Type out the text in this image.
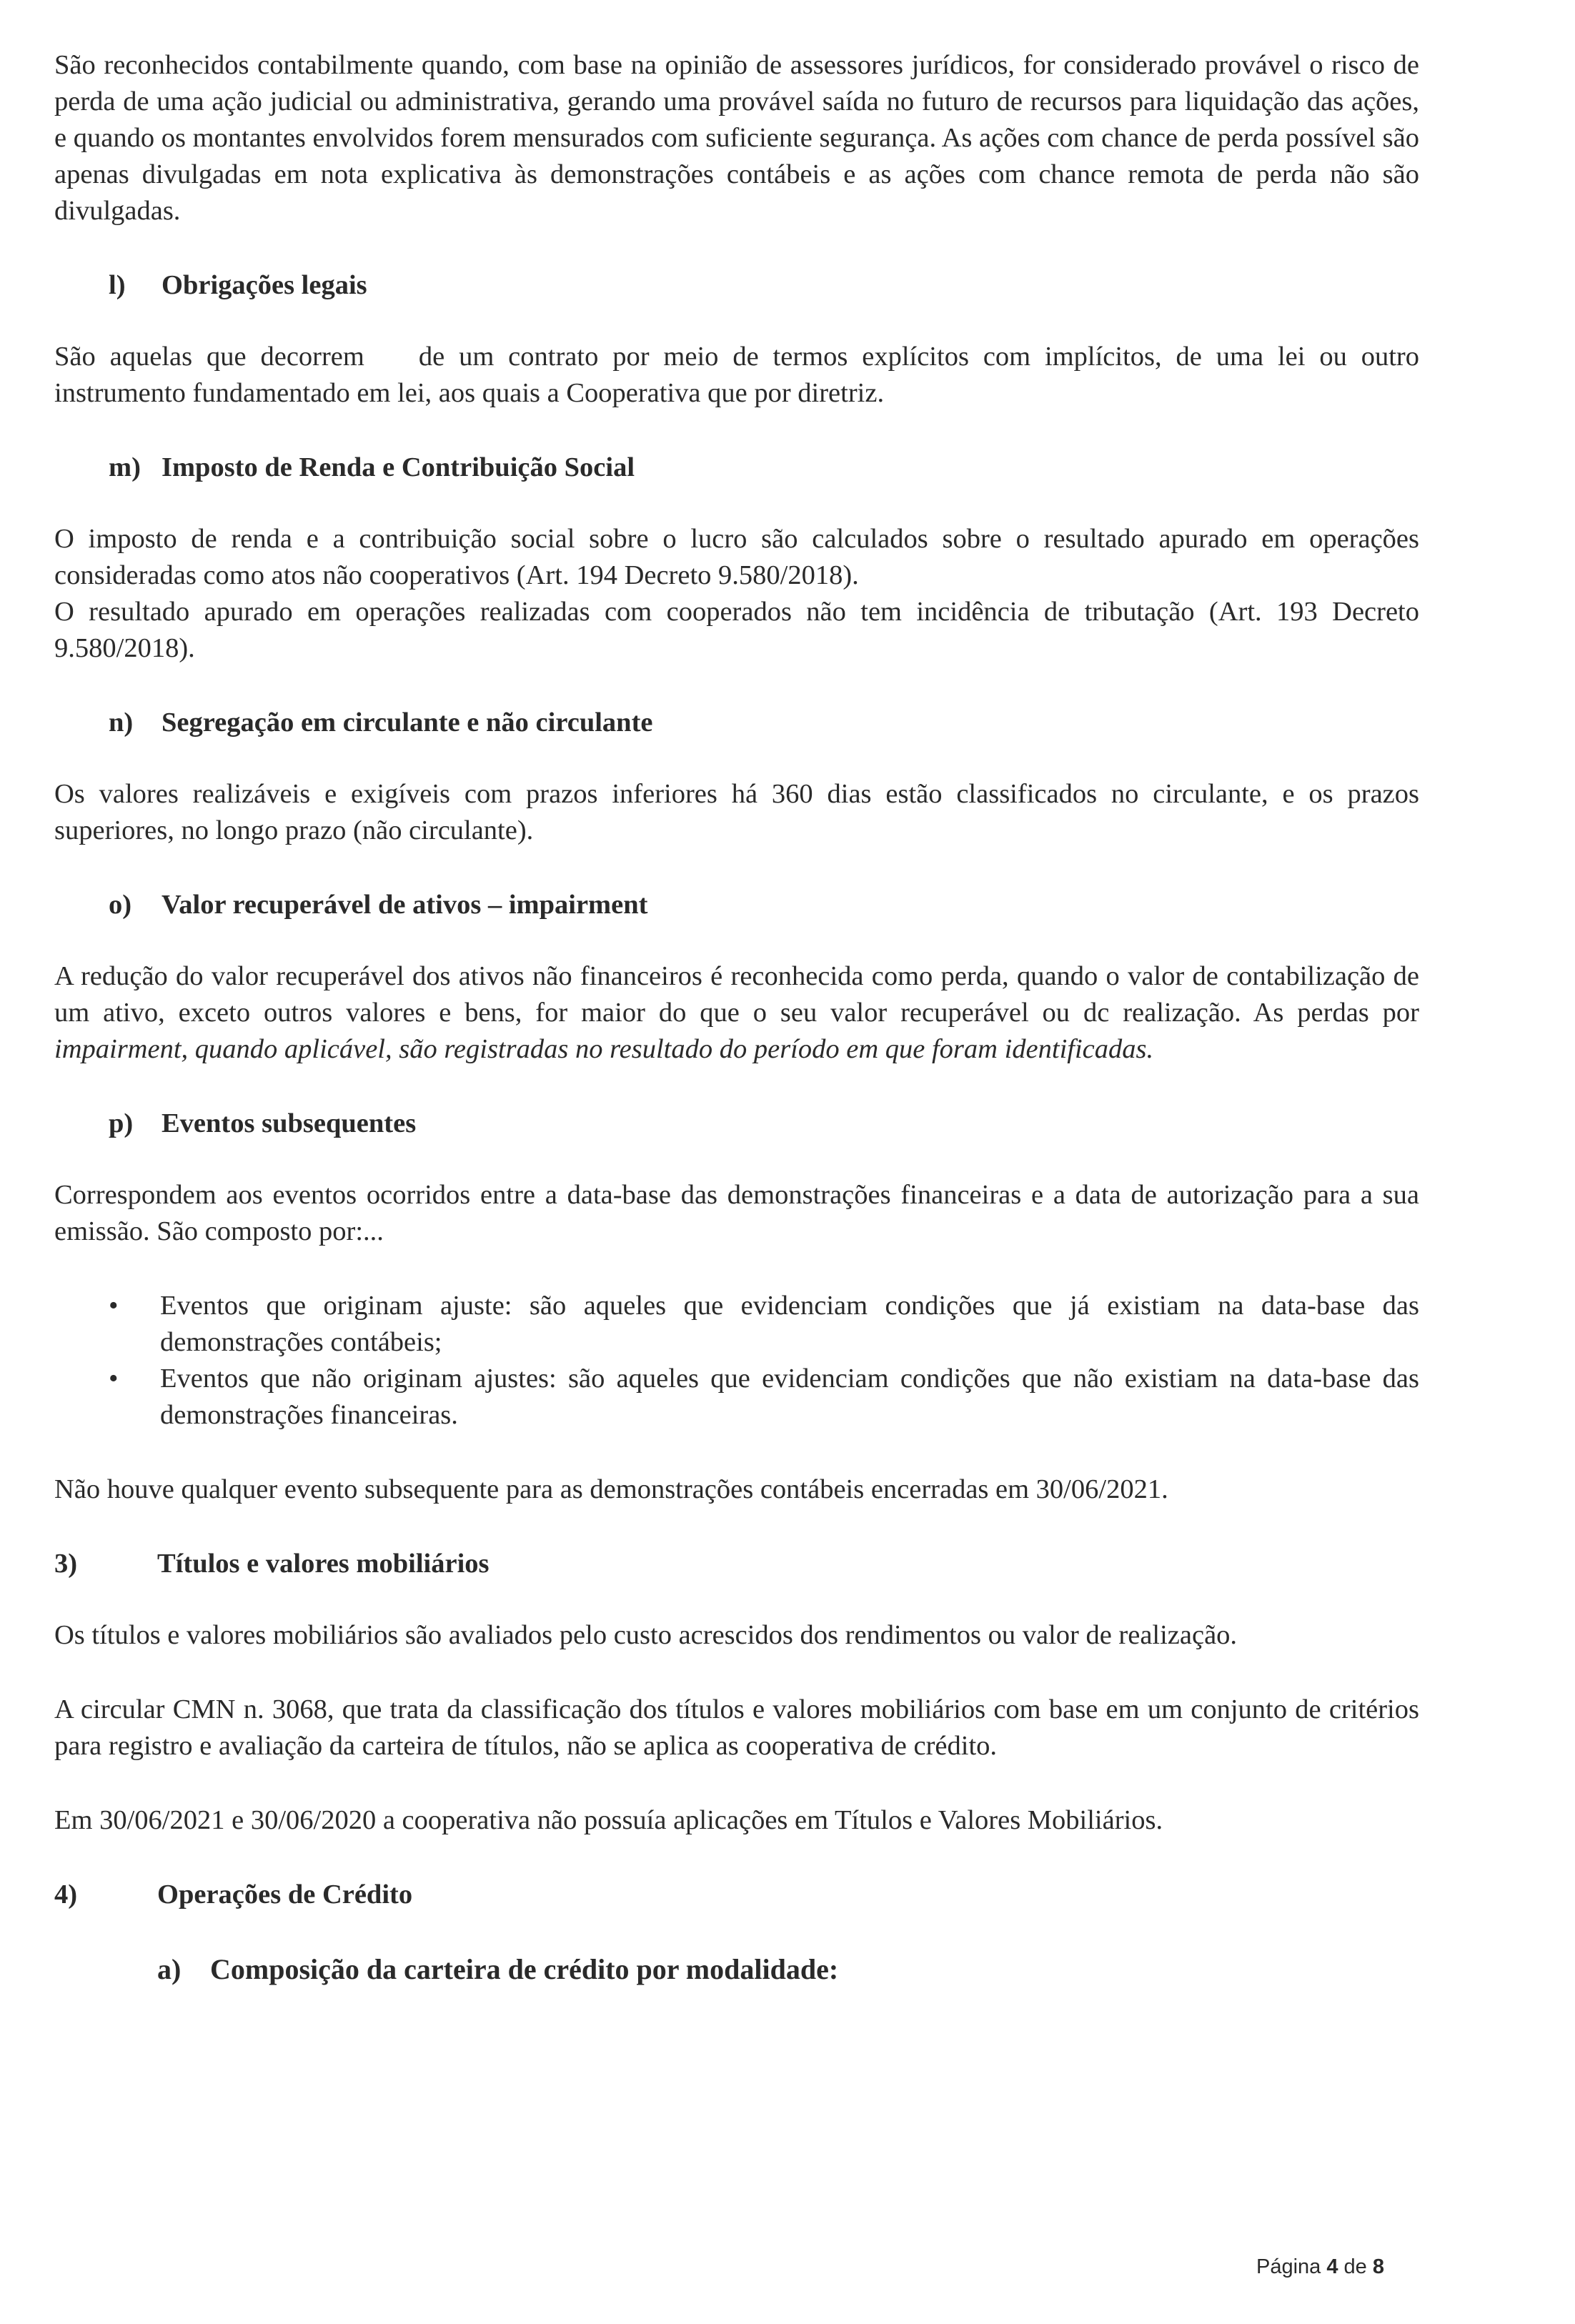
São reconhecidos contabilmente quando, com base na opinião de assessores jurídicos, for considerado provável o risco de perda de uma ação judicial ou administrativa, gerando uma provável saída no futuro de recursos para liquidação das ações, e quando os montantes envolvidos forem mensurados com suficiente segurança. As ações com chance de perda possível são apenas divulgadas em nota explicativa às demonstrações contábeis e as ações com chance remota de perda não são divulgadas.

l) Obrigações legais

São aquelas que decorrem de um contrato por meio de termos explícitos com implícitos, de uma lei ou outro instrumento fundamentado em lei, aos quais a Cooperativa que por diretriz.

m) Imposto de Renda e Contribuição Social

O imposto de renda e a contribuição social sobre o lucro são calculados sobre o resultado apurado em operações consideradas como atos não cooperativos (Art. 194 Decreto 9.580/2018).

O resultado apurado em operações realizadas com cooperados não tem incidência de tributação (Art. 193 Decreto 9.580/2018).

n) Segregação em circulante e não circulante

Os valores realizáveis e exigíveis com prazos inferiores há 360 dias estão classificados no circulante, e os prazos superiores, no longo prazo (não circulante).

o) Valor recuperável de ativos – impairment

A redução do valor recuperável dos ativos não financeiros é reconhecida como perda, quando o valor de contabilização de um ativo, exceto outros valores e bens, for maior do que o seu valor recuperável ou dc realização. As perdas por impairment, quando aplicável, são registradas no resultado do período em que foram identificadas.

p) Eventos subsequentes

Correspondem aos eventos ocorridos entre a data-base das demonstrações financeiras e a data de autorização para a sua emissão. São composto por:...

• Eventos que originam ajuste: são aqueles que evidenciam condições que já existiam na data-base das demonstrações contábeis;
• Eventos que não originam ajustes: são aqueles que evidenciam condições que não existiam na data-base das demonstrações financeiras.

Não houve qualquer evento subsequente para as demonstrações contábeis encerradas em 30/06/2021.

3)	Títulos e valores mobiliários

Os títulos e valores mobiliários são avaliados pelo custo acrescidos dos rendimentos ou valor de realização.

A circular CMN n. 3068, que trata da classificação dos títulos e valores mobiliários com base em um conjunto de critérios para registro e avaliação da carteira de títulos, não se aplica as cooperativa de crédito.

Em 30/06/2021 e 30/06/2020 a cooperativa não possuía aplicações em Títulos e Valores Mobiliários.

4)	Operações de Crédito
a) Composição da carteira de crédito por modalidade:
Página 4 de 8
